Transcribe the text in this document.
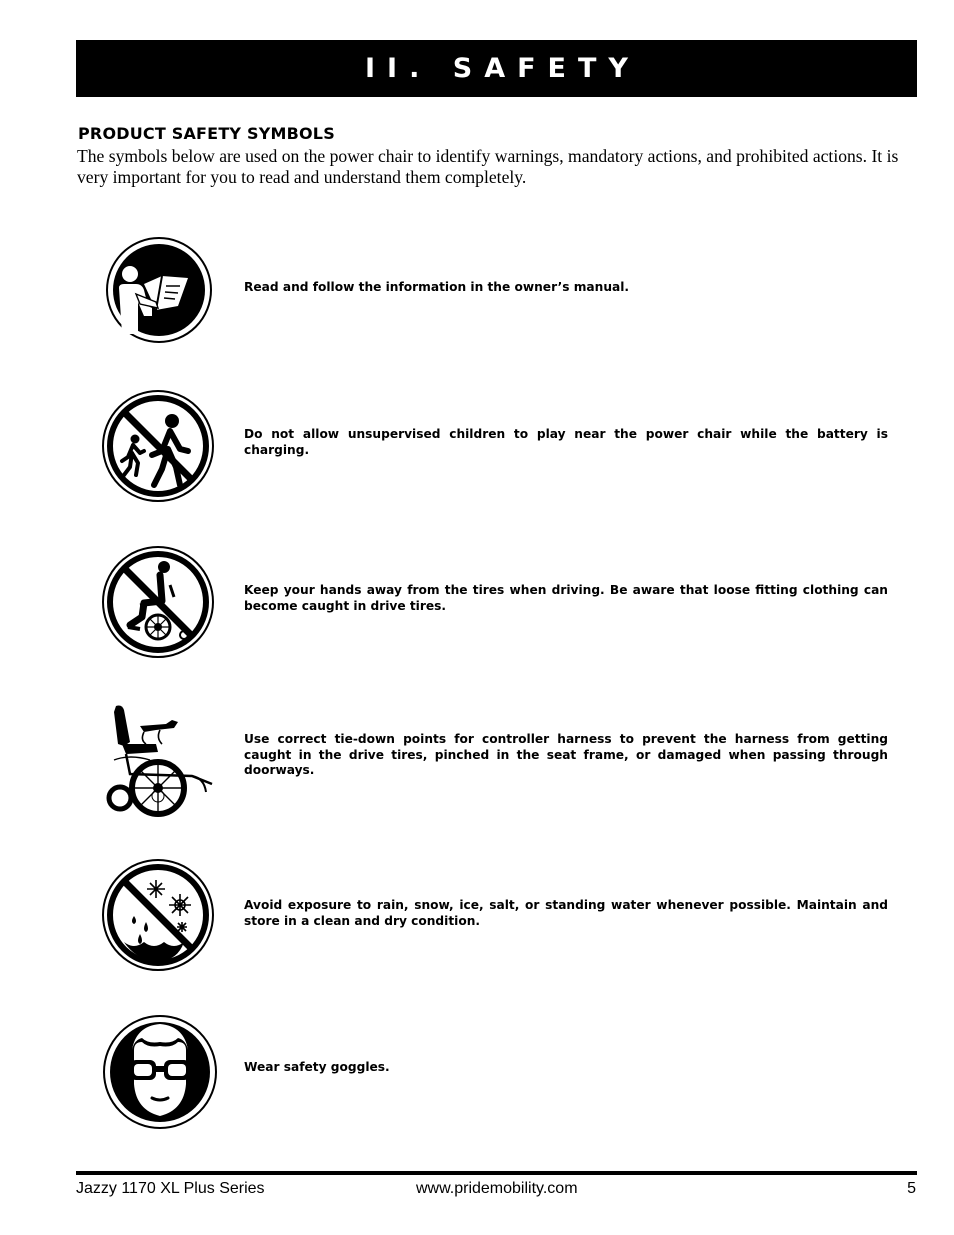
II. SAFETY
PRODUCT SAFETY SYMBOLS

The symbols below are used on the power chair to identify warnings, mandatory actions, and prohibited actions. It is very important for you to read and understand them completely.

Read and follow the information in the owner’s manual.

Do not allow unsupervised children to play near the power chair while the battery is charging.

Keep your hands away from the tires when driving. Be aware that loose fitting clothing can become caught in drive tires.

Use correct tie-down points for controller harness to prevent the harness from getting caught in the drive tires, pinched in the seat frame, or damaged when passing through doorways.

Avoid exposure to rain, snow, ice, salt, or standing water whenever possible. Maintain and store in a clean and dry condition.

Wear safety goggles.

Jazzy 1170 XL Plus Series	www.pridemobility.com	5
